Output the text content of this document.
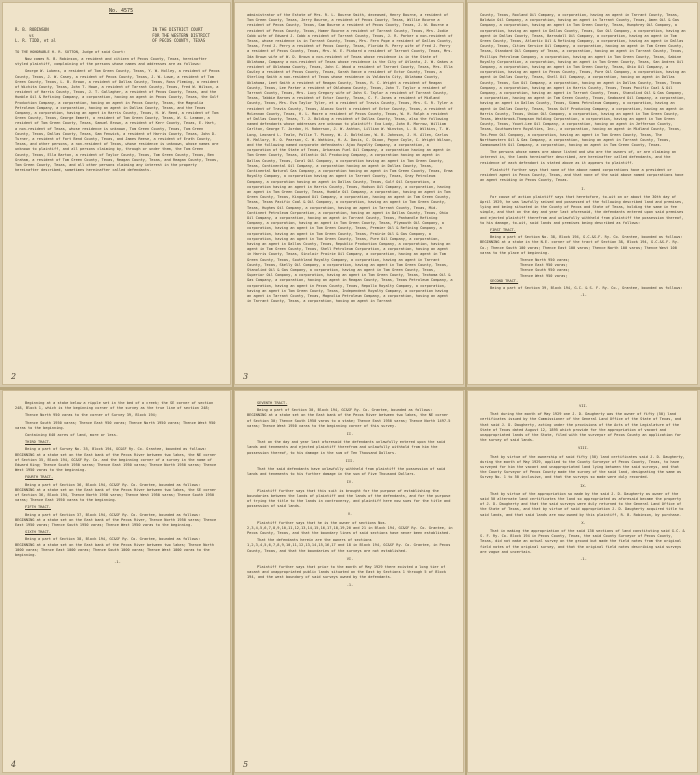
No. 4575
R. B. ROBINSON
vs
L. R. TIDD, et al
IN THE DISTRICT COURT
FOR THE WESTERN DISTRICT
OF PECOS COUNTY, TEXAS

TO THE HONORABLE H. R. SUTTON, Judge of said Court:

Now comes R. B. Robinson, a resident and citizen of Pecos County, Texas, hereinafter styled plaintiff, complaining of the persons whose names and addresses are as follows:

George W. Lukens, a resident of Tom Green County, Texas, Y. W. Holley, a resident of Pecos County, Texas, J. W. Casey, a resident of Pecos County, Texas, J. W. Lowe, a resident of Tom Green County, Texas, L. B. Brown, a resident of Dallas County, Texas, Ross Fleming, a resident of Wichita County, Texas, John T. Howe, a resident of Tarrant County, Texas, Fred W. Wilson, a resident of Harris County, Texas, J. T. Gallagher, a resident of Pecos County, Texas, and the Humble Oil & Refining Company, a corporation, having an agent in Pecos County, Texas, the Gulf Production Company, a corporation, having an agent in Pecos County, Texas, the Magnolia Petroleum Company, a corporation, having an agent in Dallas County, Texas, and the Texas Company, a corporation, having an agent in Harris County, Texas, H. W. Reed, a resident of Tom Green County, Texas, George Emmett, a resident of Tom Green County, Texas, W. S. Leaman, a resident of Tom Green County, Texas, Samuel Brown, a resident of Kerr County, Texas, E. Hart, a non-resident of Texas, whose residence is unknown, Tom Green County, Texas, Tom Green County, Texas, Dallas County, Texas, Sam Fenwick, a resident of Harris County, Texas, John D. Turner, a resident of Fort Bend County, Texas, and James Reese, a resident of Erath County, Texas, and other persons, a non-resident of Texas, whose residence is unknown, whose names are unknown to plaintiff, and all persons claiming by, through or under them, the Tom Green County, Texas, Ella Barton, a resident of Taylor County, Texas, Tom Green County, Texas, Ben Graham, a resident of Tom Green County, Texas, Reagan County, Texas, and Reagan County, Texas, Tom Green County, Texas, and all other persons claiming any interest in the property hereinafter described, sometimes hereinafter called defendants.

2

administrator of the Estate of Mrs. R. L. Bourne Smith, deceased, Henry Bourne, a resident of Tom Green County, Texas, Jerry Bourne, a resident of Pecos County, Texas, Willie Bourne a resident of Pecos County, Texas, Sam Bourne a resident of Pecos County, Texas, J. W. Bourne a resident of Pecos County, Texas, Homer Bourne a resident of Tarrant County, Texas, Mrs. Jodie Cobb wife of Edward J. Cobb a resident of Tarrant County, Texas, J. R. Parker a non-resident of Texas, whose residence is in Tarrant County, Texas, Mrs. Fern Pope a resident of Dallas County, Texas, Fred J. Perry a resident of Pecos County, Texas, Florida R. Perry wife of Fred J. Perry a resident of Pecos County, Texas, Mrs. W. E. Pinkard a resident of Tarrant County, Texas, Mrs. Ida Brown wife of W. D. Brown a non-resident of Texas whose residence is in the State of Oklahoma, Company a non-resident of Texas whose residence is the City of Atlanta, J. W. Oakes a resident of Oklahoma County, Texas, John C. Wood a resident of Tarrant County, Texas, Mrs. Ella Cowley a resident of Pecos County, Texas, Sarah Vance a resident of Ector County, Texas, a Sterling Smith a non-resident of Texas whose residence is Valdosta City, Oklahoma County, Oklahoma, Leet Smith a resident of Reagan County, Texas, R. C. Wright a resident of Reagan County, Texas, Lee Parker a resident of Oklahoma County, Texas, John T. Taylor a resident of Tarrant County, Texas, Mrs. Lucy Gregory wife of John S. Taylor a resident of Tarrant County, Texas, Tabbie Barnes a resident of Ector County, Texas, C. F. Jones a resident of Midland County, Texas, Mrs. Eva Taylor Tyler, et a resident of Travis County, Texas, Mrs. S. R. Tyler a resident of Travis County, Texas, Alonzo Scott a resident of Ector County, Texas, a resident of McLennan County, Texas, H. L. Moore a resident of Pecos County, Texas, W. H. Rolph a resident of Dallas County, Texas, T. J. Bolding a resident of Dallas County, Texas, also the following named defendants whose addresses are unknown to plaintiff: Eva Lody, John B. Morrow, William Carlton, George T. Jordan, H. Roberson, J. W. Ashton, Lillian W. Winston, L. B. Wilkins, T. W. Long, Leonard L. Teale, Pollie T. Pinney, W. J. Bolfalien, W. B. Johnson, J. H. Allen, Carlos R. Mallory, R. O. Pearson, C. W. Watkins, H. A. Davis, C. Dixon, Payne Coyle, C. Wright Wilson, and the following named corporate defendants: Ajax Royalty Company, a corporation, a corporation of the State of Texas, Arkansas Fuel Oil Company, a corporation having an agent in Tom Green County, Texas, Atlantic Oil Producing Company, a corporation having an agent in Dallas County, Texas, Coral Oil Company, a corporation having an agent in Tom Green County, Texas, Continental Oil Company, a corporation having an agent in Dallas County, Texas, Continental Natural Gas Company, a corporation having an agent in Tom Green County, Texas, Erma Royalty Company, a corporation having an agent in Tarrant County, Texas, Gray Petroleum Company, a corporation having an agent in Dallas County, Texas, Gulf Oil Corporation, a corporation having an agent in Harris County, Texas, Hudson Oil Company, a corporation, having an agent in Tom Green County, Texas, Humble Oil Company, a corporation, having an agent in Tom Green County, Texas, Kingwood Oil Company, a corporation, having an agent in Tom Green County, Texas, Texas Pacific Coal & Oil Company, a corporation, having an agent in Tom Green County, Texas, Hughes Oil Company, a corporation, having an agent in Tarrant County, Texas, Mid-Continent Petroleum Corporation, a corporation, having an agent in Dallas County, Texas, Ohio Oil Company, a corporation, having an agent in Tarrant County, Texas, Panhandle Refining Company, a corporation, having an agent in Tom Green County, Texas, Plymouth Oil Company, a corporation, having an agent in Tom Green County, Texas, Premier Oil & Refining Company, a corporation, having an agent in Tom Green County, Texas, Prairie Oil & Gas Company, a corporation, having an agent in Tom Green County, Texas, Pure Oil Company, a corporation, having an agent in Dallas County, Texas, Republic Production Company, a corporation, having an agent in Tom Green County, Texas, Shell Petroleum Corporation, a corporation, having an agent in Harris County, Texas, Sinclair Prairie Oil Company, a corporation, having an agent in Tom Green County, Texas, Southland Royalty Company, a corporation, having an agent in Tarrant County, Texas, Skelly Oil Company, a corporation, having an agent in Tom Green County, Texas, Stanolind Oil & Gas Company, a corporation, having an agent in Tom Green County, Texas, Superior Oil Company, a corporation, having an agent in Tom Green County, Texas, Texhoma Oil & Gas Company, a corporation, having an agent in Reagan County, Texas, Texas Petroleum Company, a corporation, having an agent in Pecos County, Texas, Repollo Royalty Company, a corporation, having an agent in Tom Green County, Texas, Independent Royalty Company, a corporation having an agent in Tarrant County, Texas, Magnolia Petroleum Company, a corporation, having an agent in Tarrant County, Texas, a corporation, having an agent in Tarrant

3

County, Texas, Roxland Oil Company, a corporation, having an agent in Tarrant County, Texas, Baldwin Oil Company, a corporation, having an agent in Tarrant County, Texas, Amen Oil & Gas Company, a corporation, having an agent in Tom Green County, Texas, Humphrey Oil Company, a corporation, having an agent in Dallas County, Texas, Sun Oil Company, a corporation, having an agent in Dallas County, Texas, Barnsdall Oil Company, a corporation, having an agent in Tom Green County, Texas, Atlantic Oil & Refining Company, a corporation, having an agent in Dallas County, Texas, Cities Service Oil Company, a corporation, having an agent in Tom Green County, Texas, Standard Oil Company of Texas, a corporation, having an agent in Tarrant County, Texas, Phillips Petroleum Company, a corporation, having an agent in Tom Green County, Texas, Sabine Royalty Corporation, a corporation, having an agent in Tom Green County, Texas, San Andres Oil Company, a corporation, having an agent in Tom Green County, Texas, Ohio Oil Company, a corporation, having an agent in Pecos County, Texas, Pure Oil Company, a corporation, having an agent in Dallas County, Texas, Shell Oil Company, a corporation, having an agent in Dallas County, Texas, Sun Oil Company, a corporation, having an agent in Dallas County, Texas, Texas Company, a corporation, having an agent in Harris County, Texas, Texas Pacific Coal & Oil Company, a corporation, having an agent in Tarrant County, Texas, Stanolind Oil & Gas Company, a corporation, having an agent in Tom Green County, Texas, Seaboard Oil Company, a corporation, having an agent in Dallas County, Texas, Simms Petroleum Company, a corporation, having an agent in Dallas County, Texas, Texas Gulf Producing Company, a corporation, having an agent in Harris County, Texas, Union Oil Company, a corporation, having an agent in Tom Green County, Texas, Westbrook-Thompson Holding Corporation, a corporation, having an agent in Tom Green County, Texas, Yount-Lee Oil Company, a corporation, having an agent in Jefferson County, Texas, Southwestern Royalties, Inc., a corporation, having an agent in Midland County, Texas, Tex-Penn Oil Company, a corporation, having an agent in Tom Green County, Texas, The Northwestern Oil & Gas Company, a corporation, having an agent in Tarrant County, Texas, Commonwealth Oil Company, a corporation, having an agent in Tom Green County, Texas.

The persons whose names are above listed and who are the owners of, or are claiming an interest in, the lands hereinafter described, are hereinafter called defendants, and the residence of each defendant is stated above as it appears to plaintiff.

Plaintiff further says that none of the above named corporations have a president or resident agent in Pecos County, Texas, and that none of the said above named corporations have an agent residing in Pecos County, Texas.

I.

For cause of action plaintiff says that heretofore, to-wit on or about the 30th day of April 1929, he was lawfully seised and possessed of the following described land and premises, lying and being situated in the County of Pecos and State of Texas, holding the same in fee simple, and that on the day and year last aforesaid, the defendants entered upon said premises and ejected plaintiff therefrom and unlawfully withheld from plaintiff the possession thereof, to his damage, to-wit, said lands and premises being described as follows:

FIRST TRACT.

Being a part of Section No. 38, Block 194, G.C.&S.F. Ry. Co. Grantee, bounded as follows: BEGINNING at a stake in the N.E. corner of the tract of Section 38, Block 194, G.C.&S.F. Ry. Co.; Thence South 100 varas; Thence East 100 varas; Thence North 100 varas; Thence West 100 varas to the place of beginning.

Thence North 950 varas;
Thence East 950 varas;
Thence South 950 varas;
Thence West 950 varas;

SECOND TRACT.

Being a part of Section 39, Block 194, G.C. & S. F. Ry. Co., Grantee, bounded as follows:

-1-

Beginning at a stake below a ripple set in the bed of a creek; the SE corner of section 248, Block 1, which is the beginning corner of the survey as the true line of section 248;

Thence North 950 varas to the corner of Survey 39, Block 194;

Thence South 1950 varas; Thence East 950 varas; Thence North 1950 varas; Thence West 950 varas to the beginning.

Containing 640 acres of land, more or less.

THIRD TRACT.

Being a part of Survey No. 35, Block 194, GC&SF Ry. Co. Grantee, bounded as follows: BEGINNING at a stake set on the East bank of the Pecos River between two lakes, the NE corner of Section 35, Block 194, GC&SF Ry. Co. and the beginning corner of a survey in the name of Edward King; Thence South 1950 varas; Thence East 1950 varas; Thence North 1950 varas; Thence West 1950 varas to the beginning.

FOURTH TRACT.

Being a part of Section 36, Block 194, GC&SF Ry. Co. Grantee, bounded as follows: BEGINNING at a stake set on the East bank of the Pecos River between two lakes, the SE corner of Section 36, Block 194, Thence North 1950 varas; Thence West 1950 varas; Thence South 1950 varas; Thence East 1950 varas to the beginning.

FIFTH TRACT.

Being a part of Section 37, Block 194, GC&SF Ry. Co. Grantee, bounded as follows: BEGINNING at a stake set on the East bank of the Pecos River, Thence North 1950 varas; Thence East 1950 varas; Thence South 1950 varas; Thence West 1950 varas to the beginning.

SIXTH TRACT.

Being a part of Section 38, Block 194, GC&SF Ry. Co. Grantee, bounded as follows: BEGINNING at a stake set on the East bank of the Pecos River between two lakes; Thence North 1000 varas; Thence East 1000 varas; Thence South 1000 varas; Thence West 1000 varas to the beginning.

-1-
4

SEVENTH TRACT.

Being a part of Section 30, Block 194, GC&SF Ry. Co. Grantee, bounded as follows: BEGINNING at a stake set on the East bank of the Pecos River between two lakes, the NE corner of Section 30; Thence South 1950 varas to a stake; Thence East 1950 varas; Thence North 1497.5 varas; Thence West 1950 varas to the beginning corner of this survey.

II.

That on the day and year last aforesaid the defendants unlawfully entered upon the said lands and tenements and ejected plaintiff therefrom and unlawfully withhold from him the possession thereof, to his damage in the sum of Ten Thousand Dollars.

III.

That the said defendants have unlawfully withheld from plaintiff the possession of said lands and tenements to his further damage in the sum of Five Thousand Dollars.

IV.

Plaintiff further says that this suit is brought for the purpose of establishing the boundaries between the lands of plaintiff and the lands of the defendants, and for the purpose of trying the title to the lands in controversy, and plaintiff here now sues for the title and possession of said lands.

V.

Plaintiff further says that he is the owner of sections Nos. 2,3,4,5,6,7,8,9,10,11,12,13,14,15,16,17,18,19,20 and 21 in Block 194, GC&SF Ry. Co. Grantee, in Pecos County, Texas, and that the boundary lines of said sections have never been established.

That the defendants herein are the owners of sections 1,2,3,4,5,6,7,8,9,10,11,12,13,14,15,16,17 and 18 in Block 194, GC&SF Ry. Co. Grantee, in Pecos County, Texas, and that the boundaries of the surveys are not established.

VI.

Plaintiff further says that prior to the month of May 1929 there existed a long tier of vacant and unappropriated public lands situated on the East by Sections 1 through 5 of Block 194, and the west boundary of said surveys owned by the defendants.

-1-
5
VII.

That during the month of May 1929 one J. D. Daugherty was the owner of fifty (50) land certificates issued by the Commissioner of the General Land Office of the State of Texas, and that said J. D. Daugherty, acting under the provisions of the Acts of the Legislature of the State of Texas dated August 12, 1895 which provide for the appropriation of vacant and unappropriated lands of the State, filed with the surveyor of Pecos County an application for the survey of said lands.

VIII.

That by virtue of the ownership of said fifty (50) land certificates said J. D. Daugherty, during the month of May 1929, applied to the County Surveyor of Pecos County, Texas, to have surveyed for him the vacant and unappropriated land lying between the said surveys, and that the County Surveyor of Pecos County made the survey of the said land, designating the same as Survey No. 1 to 50 inclusive, and that the surveys so made were duly recorded.

IX.

That by virtue of the appropriation so made by the said J. D. Daugherty as owner of the said 50 alternate land certificates the land so appropriated as aforesaid became the property of J. D. Daugherty and that the said surveys were duly returned to the General Land Office of the State of Texas, and that by virtue of said appropriation J. D. Daugherty acquired title to said lands, and that said lands are now owned by this plaintiff, R. B. Robinson, by purchase.

X.

That in making the appropriation of the said 130 sections of land constituting said G.C. & S. F. Ry. Co. Block 194 in Pecos County, Texas, the said County Surveyor of Pecos County, Texas, did not make an actual survey on the ground but made the field notes from the original field notes of the original survey, and that the original field notes describing said surveys are vague and uncertain.

-1-
